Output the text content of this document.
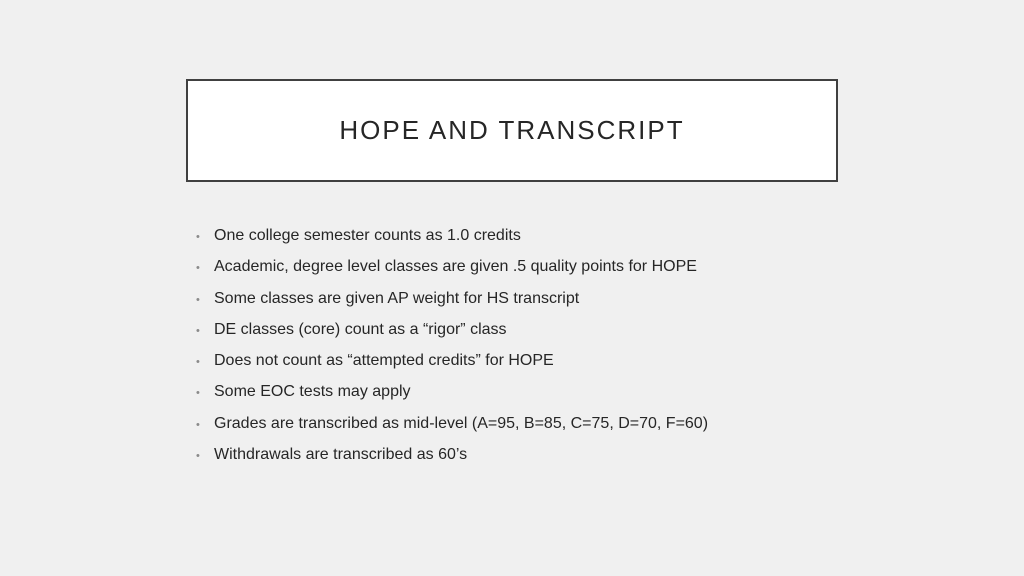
HOPE AND TRANSCRIPT
• One college semester counts as 1.0 credits
• Academic, degree level classes are given .5 quality points for HOPE
• Some classes are given AP weight for HS transcript
• DE classes (core) count as a “rigor” class
• Does not count as “attempted credits” for HOPE
• Some EOC tests may apply
• Grades are transcribed as mid-level (A=95, B=85, C=75, D=70, F=60)
• Withdrawals are transcribed as 60’s
